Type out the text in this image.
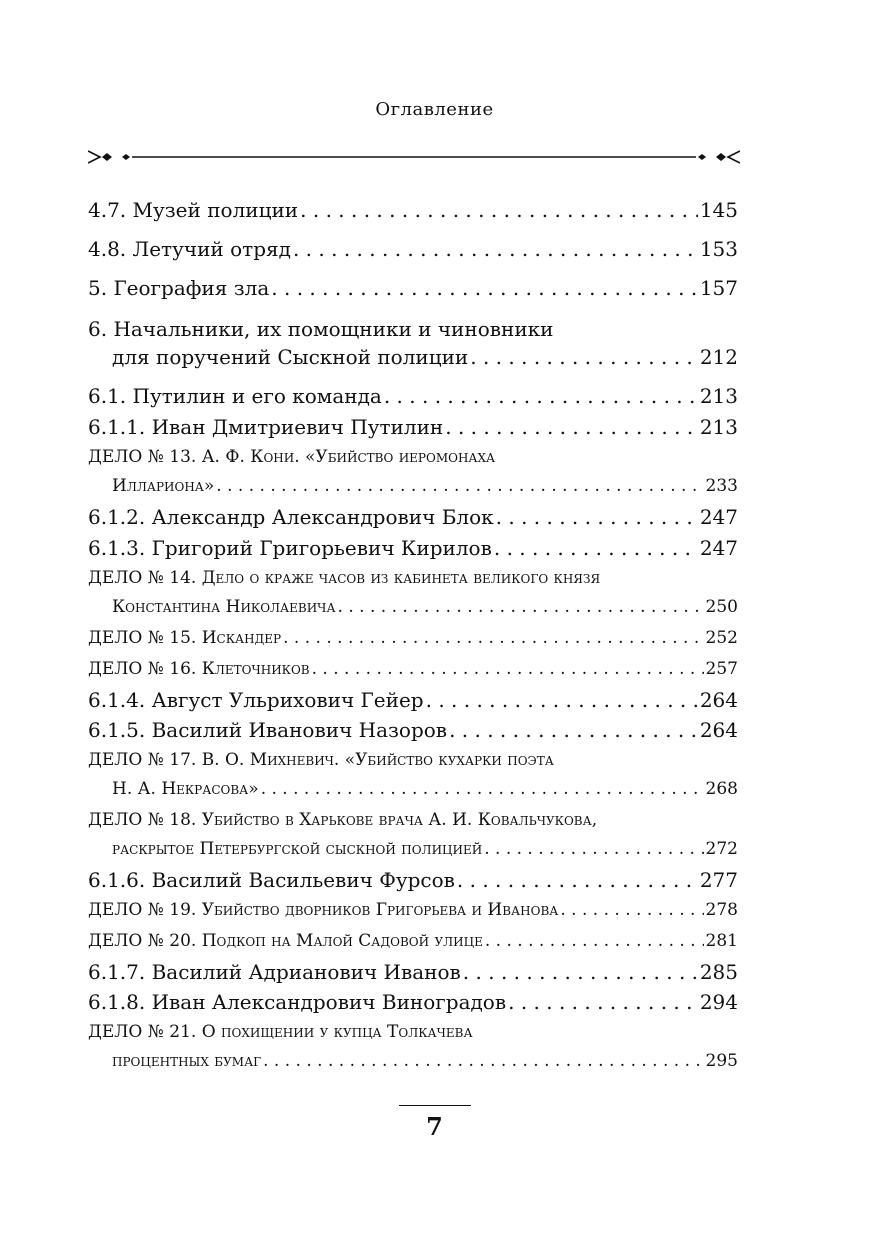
Оглавление
4.7. Музей полиции . . .	145
4.8. Летучий отряд . . .	153
5. География зла . . .	157
6. Начальники, их помощники и чиновники
для поручений Сыскной полиции . . .	212
6.1. Путилин и его команда . . .	213
6.1.1. Иван Дмитриевич Путилин . . .	213
ДЕЛО № 13. А. Ф. Кони. «Убийство иеромонаха
Иллариона» . . .	233
6.1.2. Александр Александрович Блок . . .	247
6.1.3. Григорий Григорьевич Кирилов . . .	247
ДЕЛО № 14. Дело о краже часов из кабинета великого князя
Константина Николаевича . . .	250
ДЕЛО № 15. Искандер . . .	252
ДЕЛО № 16. Клеточников . . .	257
6.1.4. Август Ульрихович Гейер . . .	264
6.1.5. Василий Иванович Назоров . . .	264
ДЕЛО № 17. В. О. Михневич. «Убийство кухарки поэта
Н. А. Некрасова» . . .	268
ДЕЛО № 18. Убийство в Харькове врача А. И. Ковальчукова,
раскрытое Петербургской сыскной полицией . . .	272
6.1.6. Василий Васильевич Фурсов . . .	277
ДЕЛО № 19. Убийство дворников Григорьева и Иванова . . .	278
ДЕЛО № 20. Подкоп на Малой Садовой улице . . .	281
6.1.7. Василий Адрианович Иванов . . .	285
6.1.8. Иван Александрович Виноградов . . .	294
ДЕЛО № 21. О похищении у купца Толкачева
процентных бумаг . . .	295
7
